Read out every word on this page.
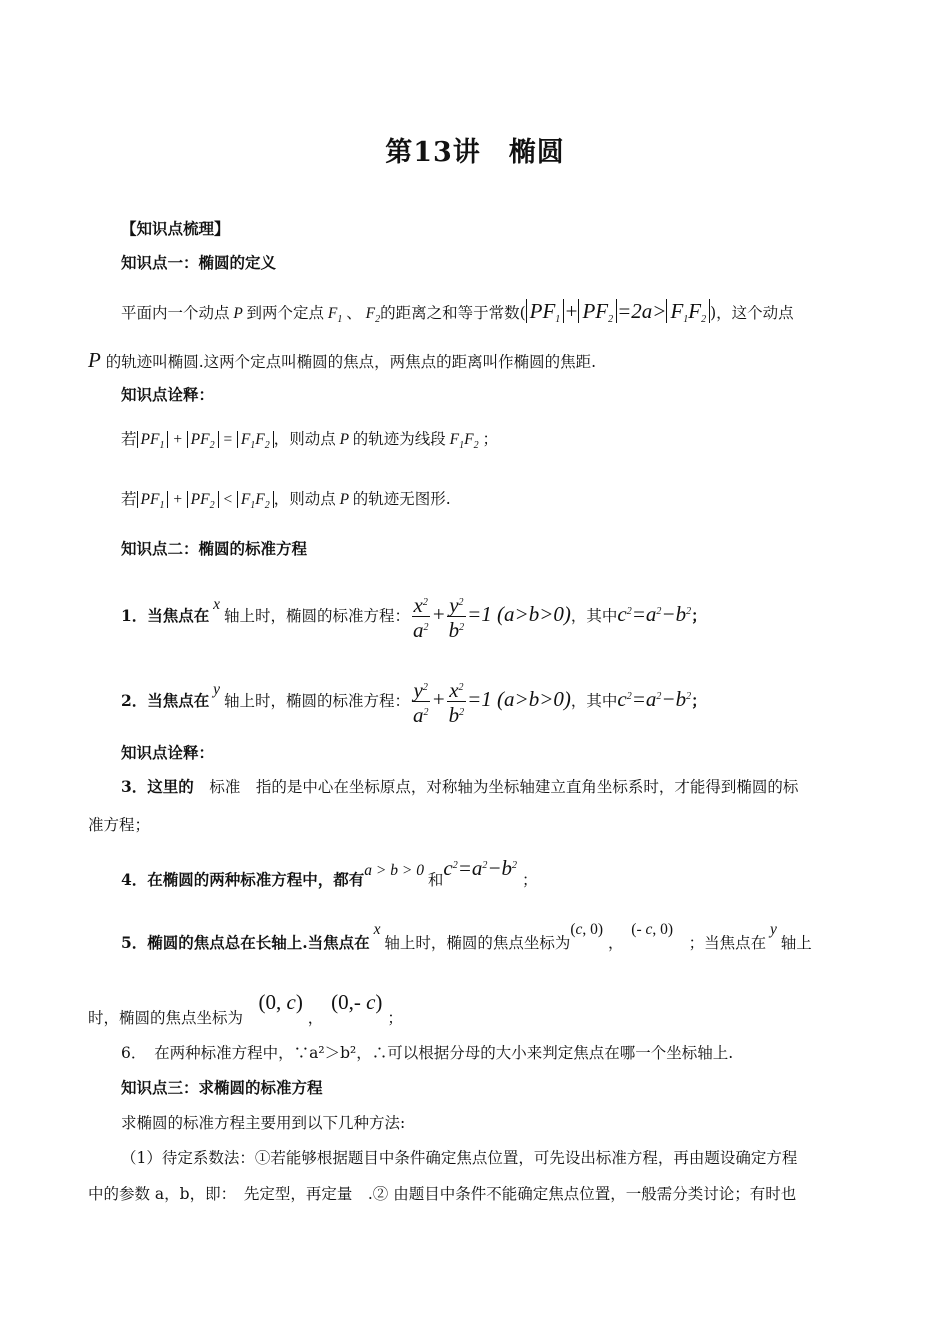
第13讲　椭圆
【知识点梳理】
知识点一：椭圆的定义
平面内一个动点 P 到两个定点 $F_1$ 、 $F_2$的距离之和等于常数( $PF_1 + PF_2 =2a> F_1F_2$ )，这个动点
P 的轨迹叫椭圆.这两个定点叫椭圆的焦点，两焦点的距离叫作椭圆的焦距.
知识点诠释：
若 $PF_1 + PF_2 = F_1F_2$ ，则动点 P 的轨迹为线段 $F_1F_2$ ；
若 $PF_1 + PF_2 < F_1F_2$ ，则动点 P 的轨迹无图形.
知识点二：椭圆的标准方程
1．当焦点在 x 轴上时，椭圆的标准方程： $\frac{x^2}{a^2} + \frac{y^2}{b^2} =1$ (a>b>0)，其中$c^2=a^2-b^2$；
2．当焦点在 y 轴上时，椭圆的标准方程： $\frac{y^2}{a^2} + \frac{x^2}{b^2} =1$ (a>b>0)，其中$c^2=a^2-b^2$；
知识点诠释：
3．这里的　 标准　 指的是中心在坐标原点，对称轴为坐标轴建立直角坐标系时，才能得到椭圆的标
准方程；
4．在椭圆的两种标准方程中，都有a > b > 0 和$c^2=a^2-b^2$ ；
5．椭圆的焦点总在长轴上.当焦点在 x 轴上时，椭圆的焦点坐标为(c, 0) ，　(- c, 0)　；当焦点在 y 轴上
时，椭圆的焦点坐标为　(0, c) ，　(0,- c) ；
6．　在两种标准方程中，∵a²＞b²，∴可以根据分母的大小来判定焦点在哪一个坐标轴上.
知识点三：求椭圆的标准方程
求椭圆的标准方程主要用到以下几种方法:
（1）待定系数法：①若能够根据题目中条件确定焦点位置，可先设出标准方程，再由题设确定方程
中的参数 a，b，即：　先定型，再定量　.② 由题目中条件不能确定焦点位置，一般需分类讨论；有时也
